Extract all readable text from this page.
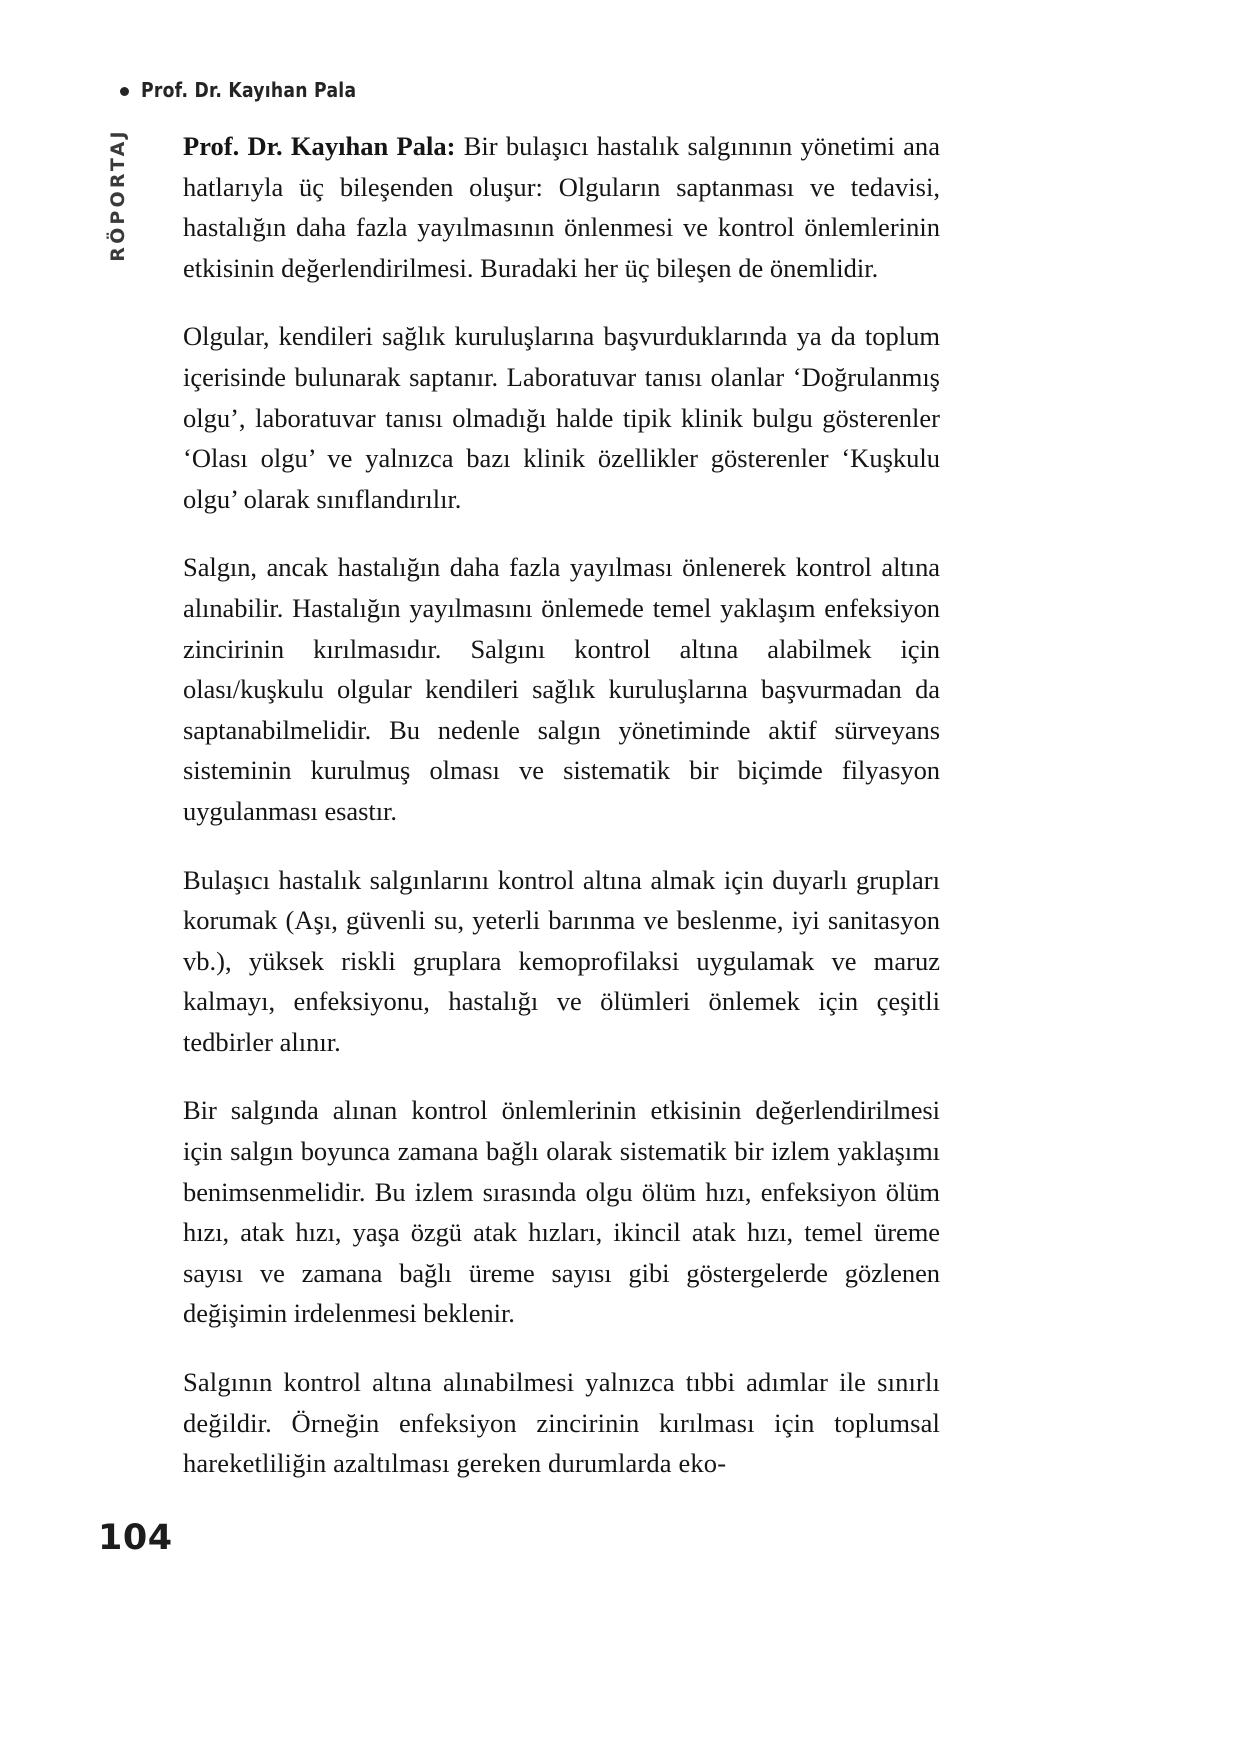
Prof. Dr. Kayıhan Pala
RÖPORTAJ Prof. Dr. Kayıhan Pala: Bir bulaşıcı hastalık salgınının yönetimi ana hatlarıyla üç bileşenden oluşur: Olguların saptanması ve tedavisi, hastalığın daha fazla yayılmasının önlenmesi ve kontrol önlemlerinin etkisinin değerlendirilmesi. Buradaki her üç bileşen de önemlidir.

Olgular, kendileri sağlık kuruluşlarına başvurduklarında ya da toplum içerisinde bulunarak saptanır. Laboratuvar tanısı olanlar ‘Doğrulanmış olgu’, laboratuvar tanısı olmadığı halde tipik klinik bulgu gösterenler ‘Olası olgu’ ve yalnızca bazı klinik özellikler gösterenler ‘Kuşkulu olgu’ olarak sınıflandırılır.

Salgın, ancak hastalığın daha fazla yayılması önlenerek kontrol altına alınabilir. Hastalığın yayılmasını önlemede temel yaklaşım enfeksiyon zincirinin kırılmasıdır. Salgını kontrol altına alabilmek için olası/kuşkulu olgular kendileri sağlık kuruluşlarına başvurmadan da saptanabilmelidir. Bu nedenle salgın yönetiminde aktif sürveyans sisteminin kurulmuş olması ve sistematik bir biçimde filyasyon uygulanması esastır.

Bulaşıcı hastalık salgınlarını kontrol altına almak için duyarlı grupları korumak (Aşı, güvenli su, yeterli barınma ve beslenme, iyi sanitasyon vb.), yüksek riskli gruplara kemoprofilaksi uygulamak ve maruz kalmayı, enfeksiyonu, hastalığı ve ölümleri önlemek için çeşitli tedbirler alınır.

Bir salgında alınan kontrol önlemlerinin etkisinin değerlendirilmesi için salgın boyunca zamana bağlı olarak sistematik bir izlem yaklaşımı benimsenmelidir. Bu izlem sırasında olgu ölüm hızı, enfeksiyon ölüm hızı, atak hızı, yaşa özgü atak hızları, ikincil atak hızı, temel üreme sayısı ve zamana bağlı üreme sayısı gibi göstergelerde gözlenen değişimin irdelenmesi beklenir.

Salgının kontrol altına alınabilmesi yalnızca tıbbi adımlar ile sınırlı değildir. Örneğin enfeksiyon zincirinin kırılması için toplumsal hareketliliğin azaltılması gereken durumlarda eko-

104
